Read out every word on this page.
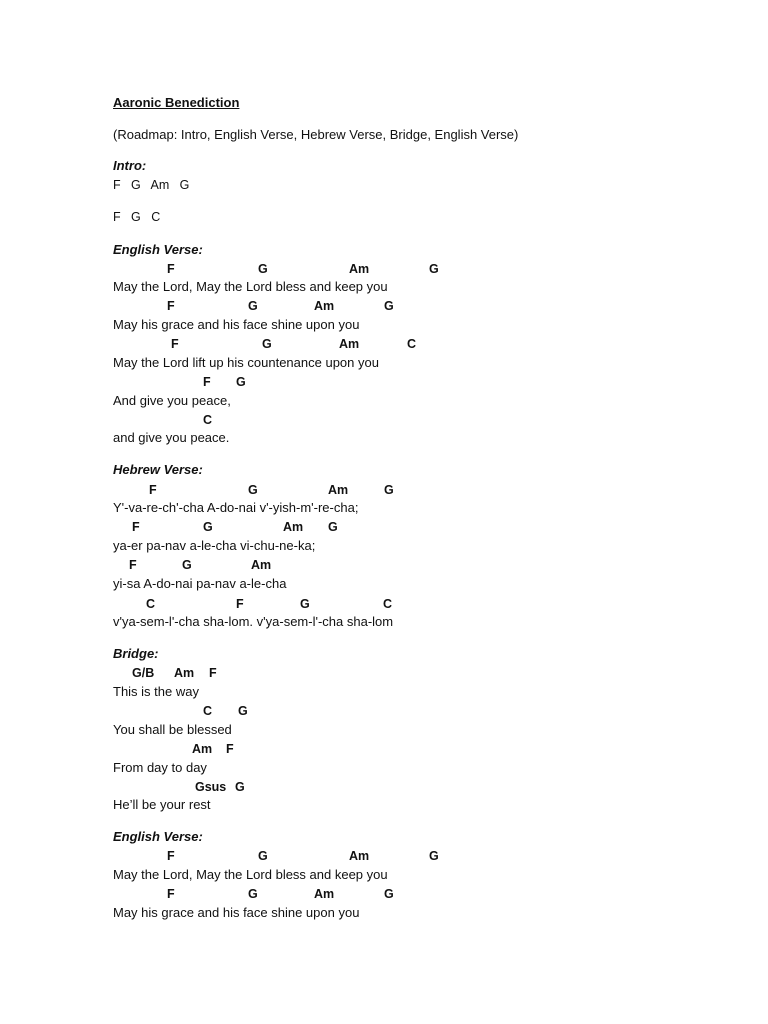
Aaronic Benediction
(Roadmap: Intro, English Verse, Hebrew Verse, Bridge, English Verse)
Intro:
F   G   Am   G
F   G   C
English Verse:
F	G	Am	G
May the Lord, May the Lord bless and keep you
F	G	Am	G
May his grace and his face shine upon you
F	G	Am	C
May the Lord lift up his countenance upon you
F G
And give you peace,
C
and give you peace.
Hebrew Verse:
F	G	Am	G
Y'-va-re-ch'-cha A-do-nai v'-yish-m'-re-cha;
F	G	Am G
ya-er pa-nav a-le-cha vi-chu-ne-ka;
F	G	Am
yi-sa A-do-nai pa-nav a-le-cha
C	F	G	C
v'ya-sem-l'-cha sha-lom. v'ya-sem-l'-cha sha-lom
Bridge:
G/B Am F
This is the way
C G
You shall be blessed
Am F
From day to day
Gsus G
He’ll be your rest
English Verse:
F	G	Am	G
May the Lord, May the Lord bless and keep you
F	G	Am	G
May his grace and his face shine upon you
